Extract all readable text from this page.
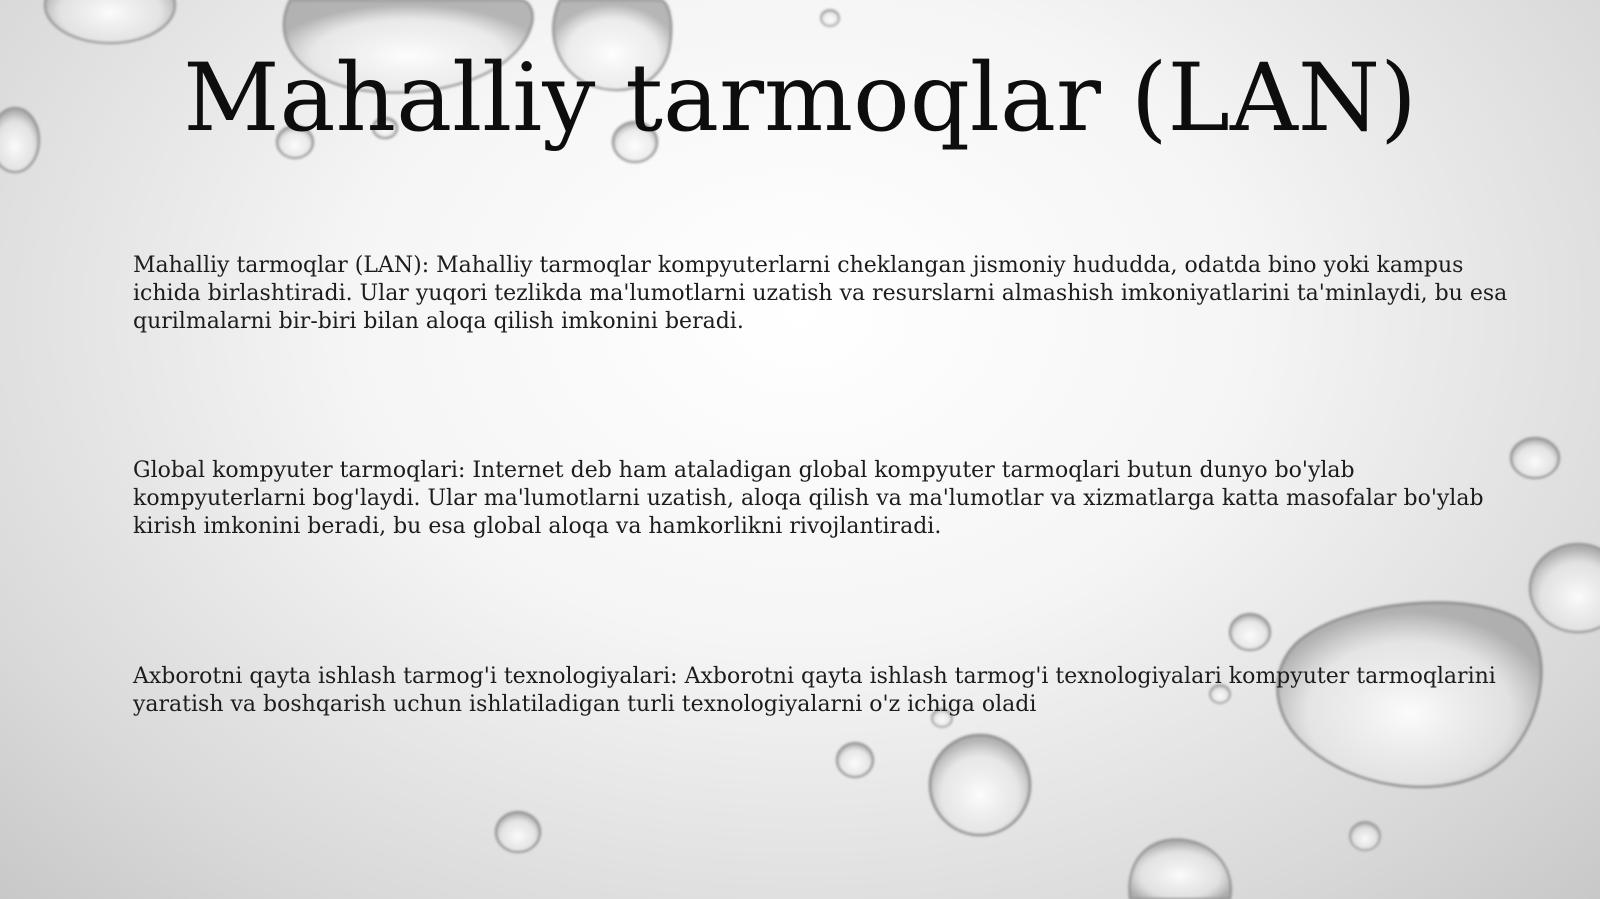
Mahalliy tarmoqlar (LAN)

Mahalliy tarmoqlar (LAN): Mahalliy tarmoqlar kompyuterlarni cheklangan jismoniy hududda, odatda bino yoki kampus ichida birlashtiradi. Ular yuqori tezlikda ma'lumotlarni uzatish va resurslarni almashish imkoniyatlarini ta'minlaydi, bu esa qurilmalarni bir-biri bilan aloqa qilish imkonini beradi.

Global kompyuter tarmoqlari: Internet deb ham ataladigan global kompyuter tarmoqlari butun dunyo bo'ylab kompyuterlarni bog'laydi. Ular ma'lumotlarni uzatish, aloqa qilish va ma'lumotlar va xizmatlarga katta masofalar bo'ylab kirish imkonini beradi, bu esa global aloqa va hamkorlikni rivojlantiradi.

Axborotni qayta ishlash tarmog'i texnologiyalari: Axborotni qayta ishlash tarmog'i texnologiyalari kompyuter tarmoqlarini yaratish va boshqarish uchun ishlatiladigan turli texnologiyalarni o'z ichiga oladi
